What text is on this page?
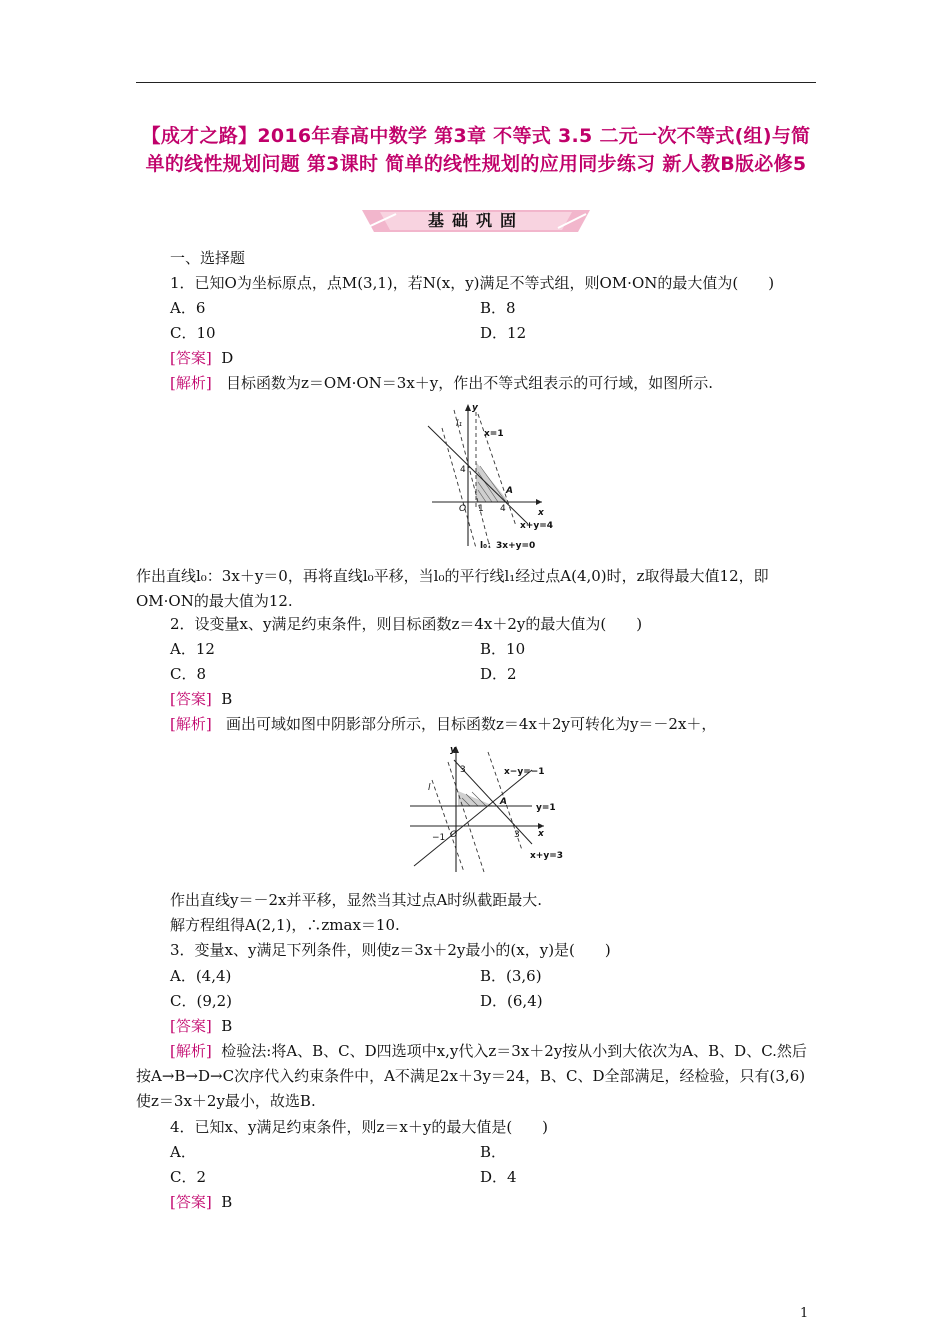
【成才之路】2016年春高中数学 第3章 不等式 3.5 二元一次不等式(组)与简单的线性规划问题 第3课时 简单的线性规划的应用同步练习 新人教B版必修5
基础巩固
一、选择题
1．已知O为坐标原点，点M(3,1)，若N(x，y)满足不等式组，则OM·ON的最大值为(　　)
A．6	B．8
C．10	D．12
[答案] D
[解析] 目标函数为z＝OM·ON＝3x＋y，作出不等式组表示的可行域，如图所示.
l₁
x=1
4
A
x
y
O 1 4
x+y=4
l₀：3x+y=0
作出直线l₀：3x＋y＝0，再将直线l₀平移，当l₀的平行线l₁经过点A(4,0)时，z取得最大值12，即OM·ON的最大值为12.
2．设变量x、y满足约束条件，则目标函数z＝4x＋2y的最大值为(　　)
A．12	B．10
C．8	D．2
[答案] B
[解析] 画出可域如图中阴影部分所示，目标函数z＝4x＋2y可转化为y＝－2x＋，
y
3	x−y=−1
l
A
y=1
O
−1	3 x
x+y=3
作出直线y＝－2x并平移，显然当其过点A时纵截距最大.
解方程组得A(2,1)，∴zmax＝10.
3．变量x、y满足下列条件，则使z＝3x＋2y最小的(x，y)是(　　)
A．(4,4)	B．(3,6)
C．(9,2)	D．(6,4)
[答案] B
[解析] 检验法:将A、B、C、D四选项中x,y代入z＝3x＋2y按从小到大依次为A、B、D、C.然后按A→B→D→C次序代入约束条件中，A不满足2x＋3y＝24，B、C、D全部满足，经检验，只有(3,6)使z＝3x＋2y最小，故选B.
4．已知x、y满足约束条件，则z＝x＋y的最大值是(　　)
A．	B．
C．2	D．4
[答案] B
1
